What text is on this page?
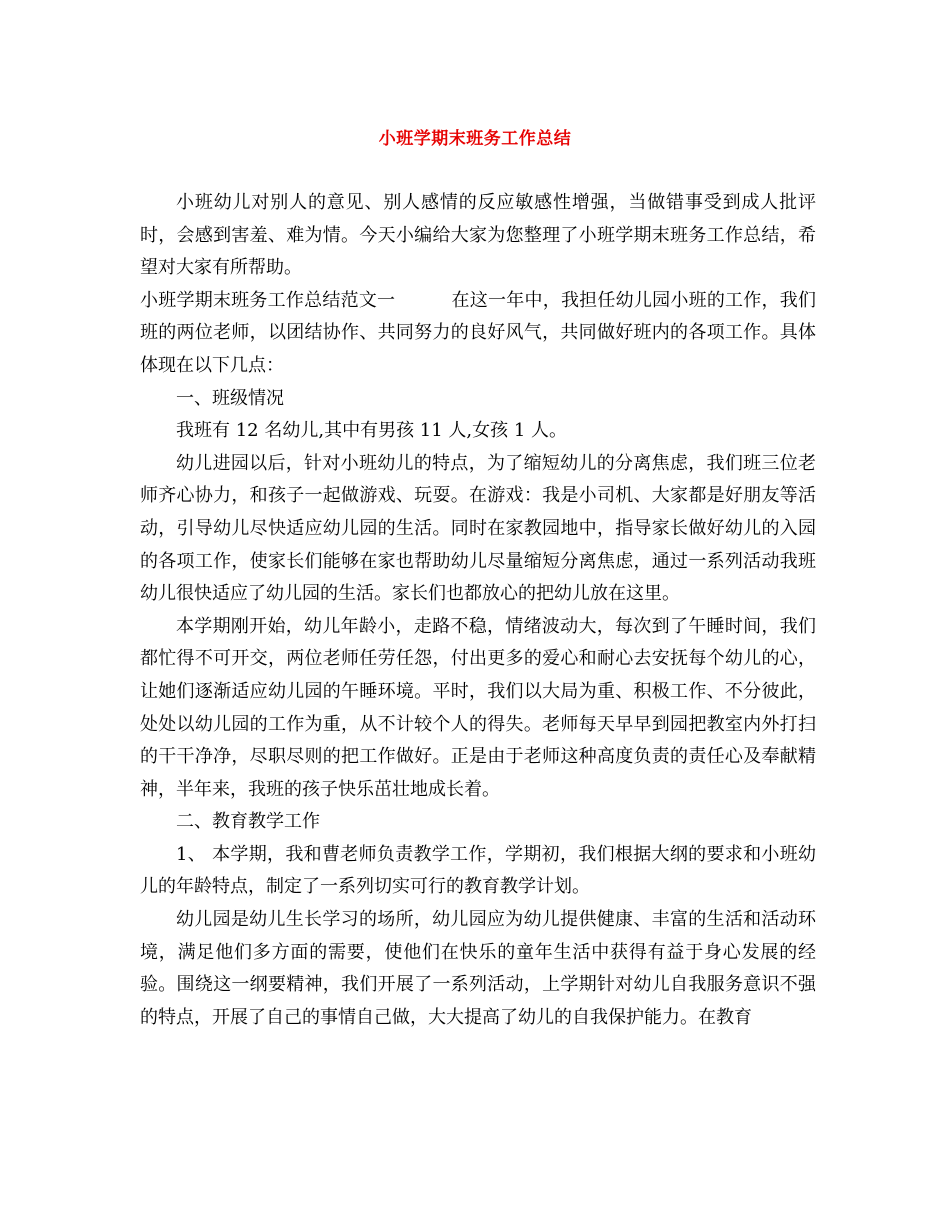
小班学期末班务工作总结

小班幼儿对别人的意见、别人感情的反应敏感性增强，当做错事受到成人批评时，会感到害羞、难为情。今天小编给大家为您整理了小班学期末班务工作总结，希望对大家有所帮助。

小班学期末班务工作总结范文一	在这一年中，我担任幼儿园小班的工作，我们班的两位老师，以团结协作、共同努力的良好风气，共同做好班内的各项工作。具体体现在以下几点：

一、班级情况

我班有 12 名幼儿,其中有男孩 11 人,女孩 1 人。

幼儿进园以后，针对小班幼儿的特点，为了缩短幼儿的分离焦虑，我们班三位老师齐心协力，和孩子一起做游戏、玩耍。在游戏：我是小司机、大家都是好朋友等活动，引导幼儿尽快适应幼儿园的生活。同时在家教园地中，指导家长做好幼儿的入园的各项工作，使家长们能够在家也帮助幼儿尽量缩短分离焦虑，通过一系列活动我班幼儿很快适应了幼儿园的生活。家长们也都放心的把幼儿放在这里。

本学期刚开始，幼儿年龄小，走路不稳，情绪波动大，每次到了午睡时间，我们都忙得不可开交，两位老师任劳任怨，付出更多的爱心和耐心去安抚每个幼儿的心，让她们逐渐适应幼儿园的午睡环境。平时，我们以大局为重、积极工作、不分彼此，处处以幼儿园的工作为重，从不计较个人的得失。老师每天早早到园把教室内外打扫的干干净净，尽职尽则的把工作做好。正是由于老师这种高度负责的责任心及奉献精神，半年来，我班的孩子快乐茁壮地成长着。

二、教育教学工作

1、 本学期，我和曹老师负责教学工作，学期初，我们根据大纲的要求和小班幼儿的年龄特点，制定了一系列切实可行的教育教学计划。

幼儿园是幼儿生长学习的场所，幼儿园应为幼儿提供健康、丰富的生活和活动环境，满足他们多方面的需要，使他们在快乐的童年生活中获得有益于身心发展的经验。围绕这一纲要精神，我们开展了一系列活动，上学期针对幼儿自我服务意识不强的特点，开展了自己的事情自己做，大大提高了幼儿的自我保护能力。在教育
